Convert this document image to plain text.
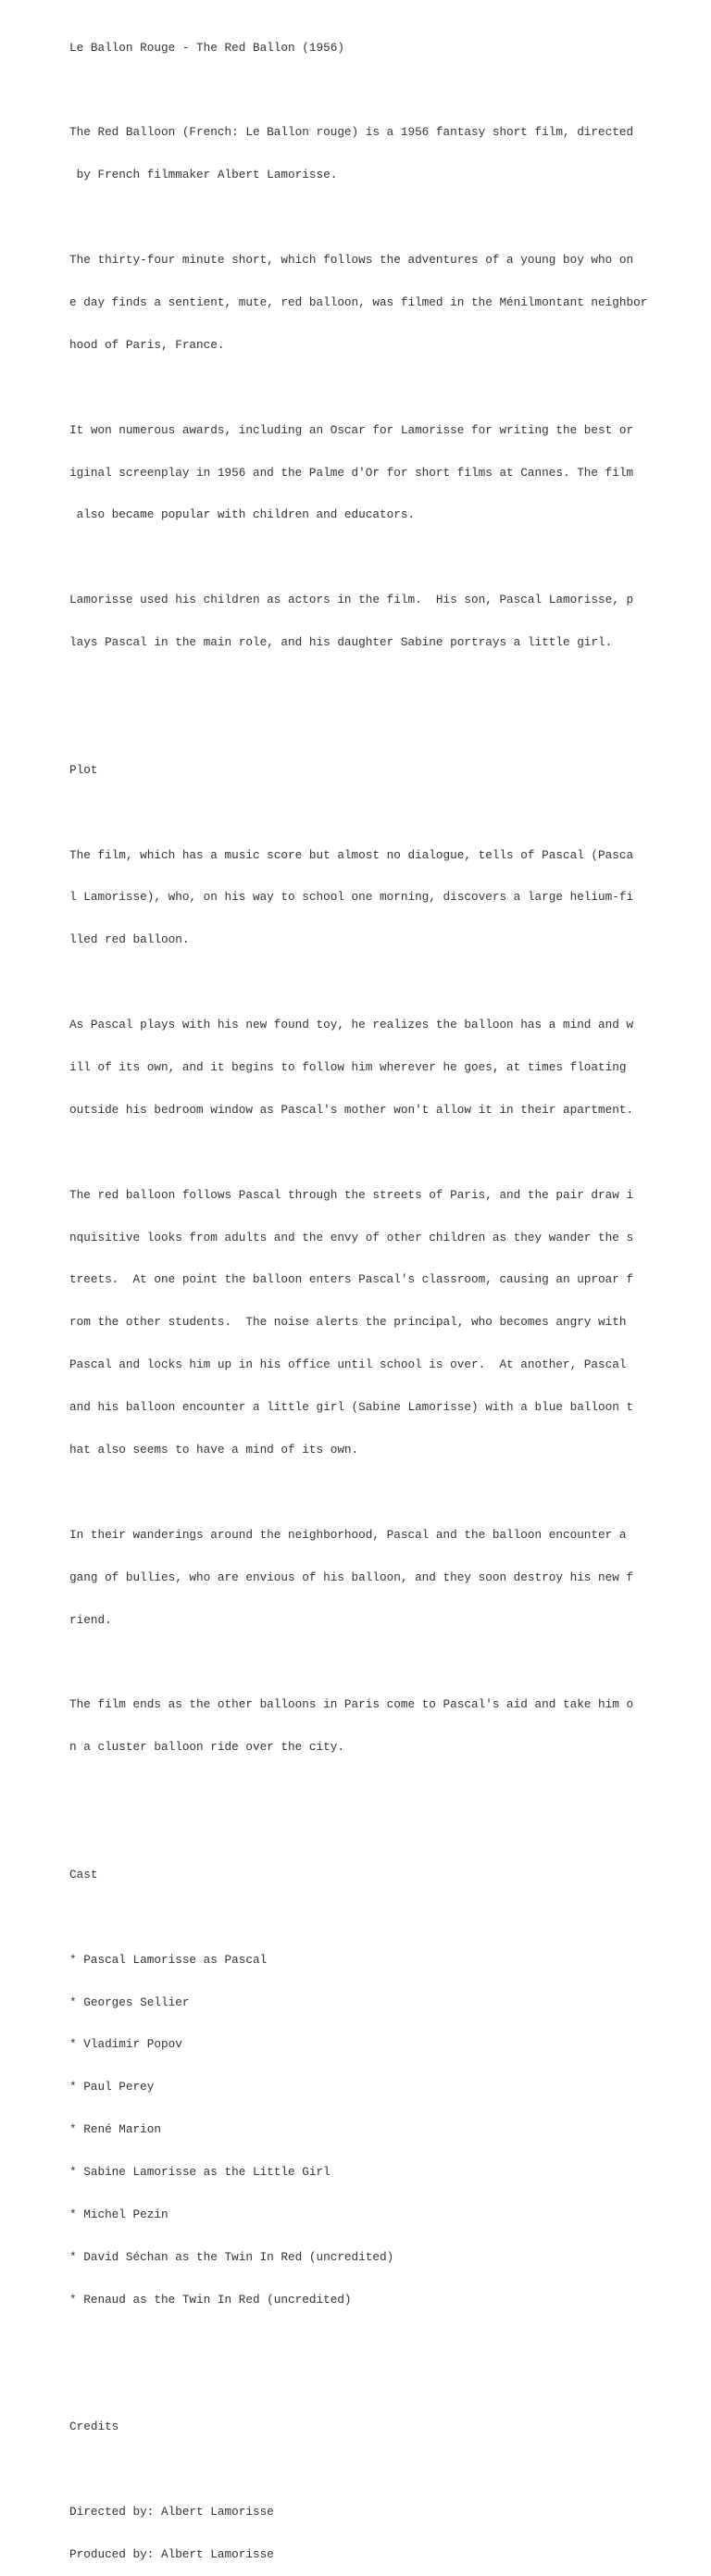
Le Ballon Rouge - The Red Ballon (1956)

The Red Balloon (French: Le Ballon rouge) is a 1956 fantasy short film, directed

by French filmmaker Albert Lamorisse.

The thirty-four minute short, which follows the adventures of a young boy who on

e day finds a sentient, mute, red balloon, was filmed in the Ménilmontant neighbor

hood of Paris, France.

It won numerous awards, including an Oscar for Lamorisse for writing the best or

iginal screenplay in 1956 and the Palme d'Or for short films at Cannes. The film

also became popular with children and educators.

Lamorisse used his children as actors in the film.  His son, Pascal Lamorisse, p

lays Pascal in the main role, and his daughter Sabine portrays a little girl.

Plot

The film, which has a music score but almost no dialogue, tells of Pascal (Pasca

l Lamorisse), who, on his way to school one morning, discovers a large helium-fi

lled red balloon.

As Pascal plays with his new found toy, he realizes the balloon has a mind and w

ill of its own, and it begins to follow him wherever he goes, at times floating

outside his bedroom window as Pascal's mother won't allow it in their apartment.

The red balloon follows Pascal through the streets of Paris, and the pair draw i

nquisitive looks from adults and the envy of other children as they wander the s

treets.  At one point the balloon enters Pascal's classroom, causing an uproar f

rom the other students.  The noise alerts the principal, who becomes angry with

Pascal and locks him up in his office until school is over.  At another, Pascal

and his balloon encounter a little girl (Sabine Lamorisse) with a blue balloon t

hat also seems to have a mind of its own.

In their wanderings around the neighborhood, Pascal and the balloon encounter a

gang of bullies, who are envious of his balloon, and they soon destroy his new f

riend.

The film ends as the other balloons in Paris come to Pascal's aid and take him o

n a cluster balloon ride over the city.

Cast

* Pascal Lamorisse as Pascal

* Georges Sellier

* Vladimir Popov

* Paul Perey

* René Marion

* Sabine Lamorisse as the Little Girl

* Michel Pezin

* David Séchan as the Twin In Red (uncredited)

* Renaud as the Twin In Red (uncredited)

Credits

Directed by: Albert Lamorisse

Produced by: Albert Lamorisse
